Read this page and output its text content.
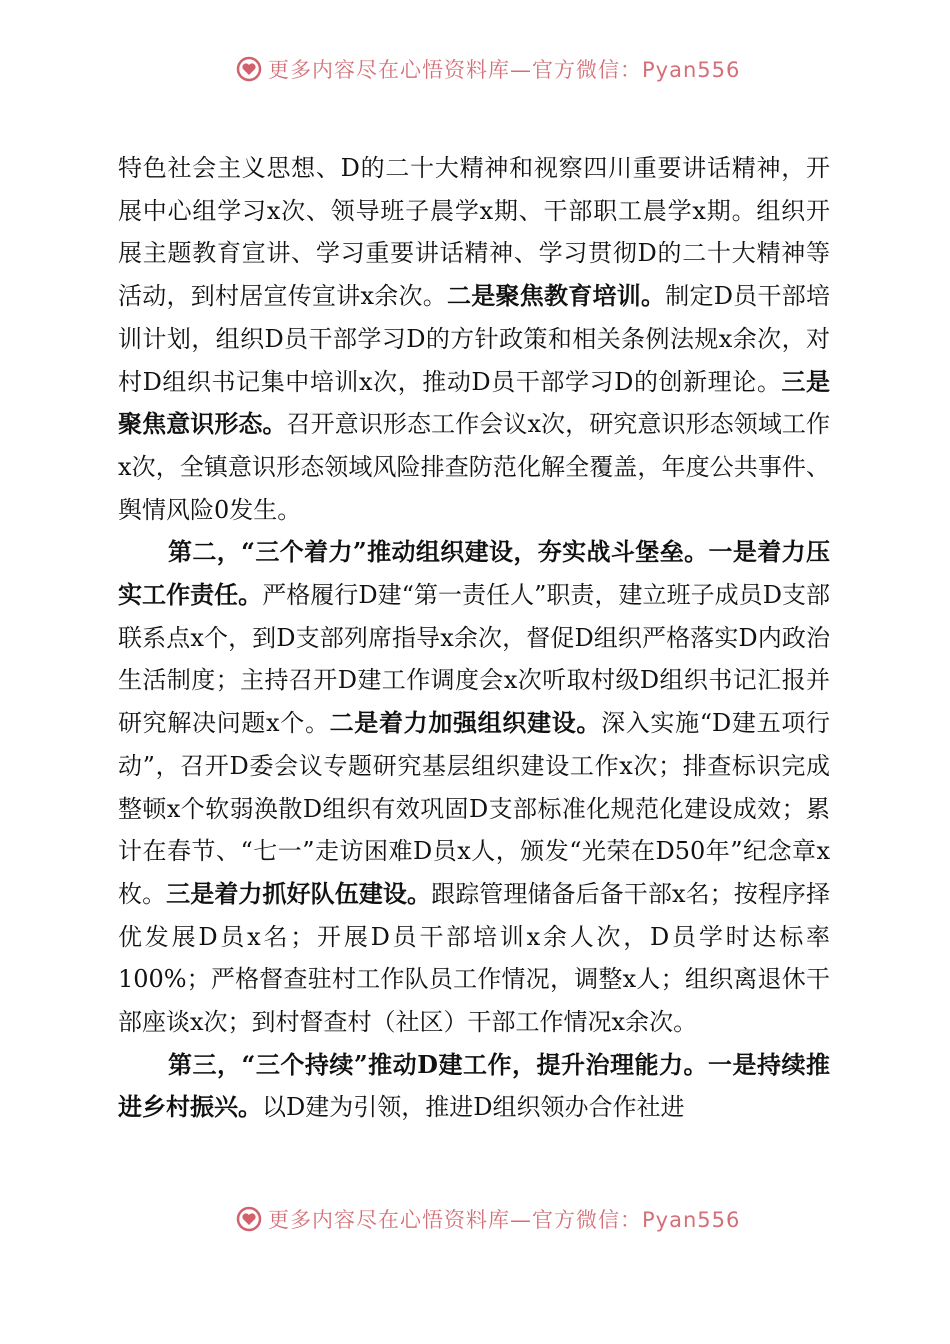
更多内容尽在心悟资料库—官方微信：Pyan556

特色社会主义思想、D的二十大精神和视察四川重要讲话精神，开展中心组学习x次、领导班子晨学x期、干部职工晨学x期。组织开展主题教育宣讲、学习重要讲话精神、学习贯彻D的二十大精神等活动，到村居宣传宣讲x余次。二是聚焦教育培训。制定D员干部培训计划，组织D员干部学习D的方针政策和相关条例法规x余次，对村D组织书记集中培训x次，推动D员干部学习D的创新理论。三是聚焦意识形态。召开意识形态工作会议x次，研究意识形态领域工作x次，全镇意识形态领域风险排查防范化解全覆盖，年度公共事件、舆情风险0发生。

第二，“三个着力”推动组织建设，夯实战斗堡垒。一是着力压实工作责任。严格履行D建“第一责任人”职责，建立班子成员D支部联系点x个，到D支部列席指导x余次，督促D组织严格落实D内政治生活制度；主持召开D建工作调度会x次听取村级D组织书记汇报并研究解决问题x个。二是着力加强组织建设。深入实施“D建五项行动”，召开D委会议专题研究基层组织建设工作x次；排查标识完成整顿x个软弱涣散D组织有效巩固D支部标准化规范化建设成效；累计在春节、“七一”走访困难D员x人，颁发“光荣在D50年”纪念章x枚。三是着力抓好队伍建设。跟踪管理储备后备干部x名；按程序择优发展D员x名；开展D员干部培训x余人次，D员学时达标率100%；严格督查驻村工作队员工作情况，调整x人；组织离退休干部座谈x次；到村督查村（社区）干部工作情况x余次。

第三，“三个持续”推动D建工作，提升治理能力。一是持续推进乡村振兴。以D建为引领，推进D组织领办合作社进

更多内容尽在心悟资料库—官方微信：Pyan556
